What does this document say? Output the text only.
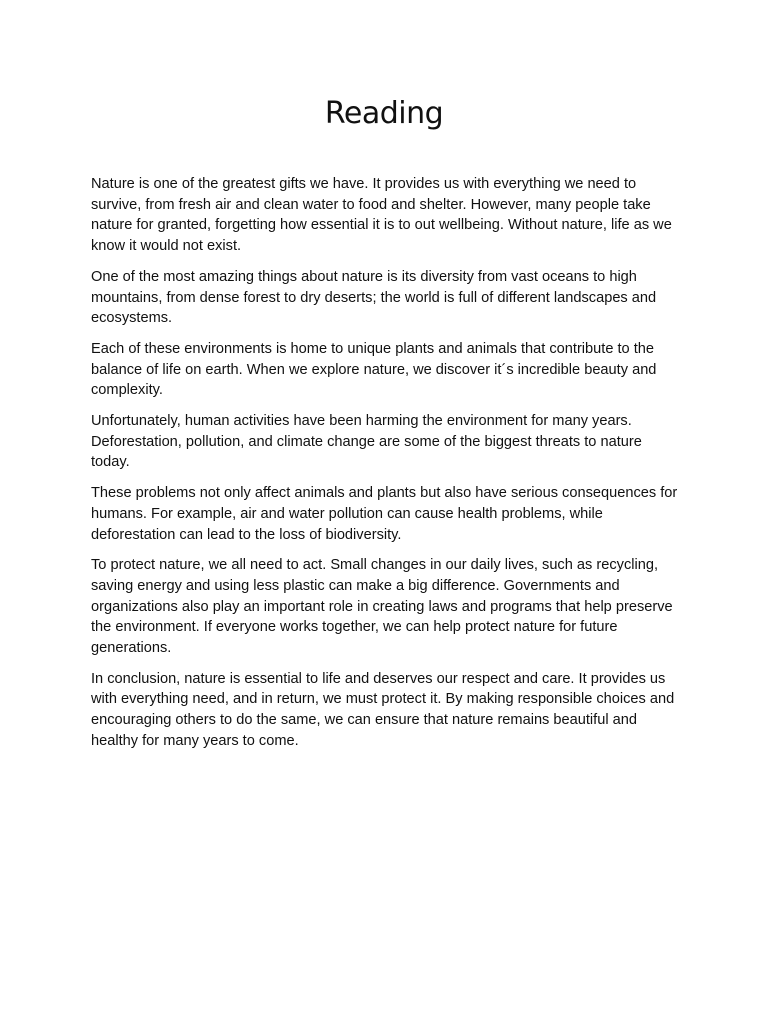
Reading

Nature is one of the greatest gifts we have. It provides us with everything we need to survive, from fresh air and clean water to food and shelter. However, many people take nature for granted, forgetting how essential it is to out wellbeing. Without nature, life as we know it would not exist.

One of the most amazing things about nature is its diversity from vast oceans to high mountains, from dense forest to dry deserts; the world is full of different landscapes and ecosystems.

Each of these environments is home to unique plants and animals that contribute to the balance of life on earth. When we explore nature, we discover it´s incredible beauty and complexity.

Unfortunately, human activities have been harming the environment for many years. Deforestation, pollution, and climate change are some of the biggest threats to nature today.

These problems not only affect animals and plants but also have serious consequences for humans. For example, air and water pollution can cause health problems, while deforestation can lead to the loss of biodiversity.

To protect nature, we all need to act. Small changes in our daily lives, such as recycling, saving energy and using less plastic can make a big difference. Governments and organizations also play an important role in creating laws and programs that help preserve the environment. If everyone works together, we can help protect nature for future generations.

In conclusion, nature is essential to life and deserves our respect and care. It provides us with everything need, and in return, we must protect it. By making responsible choices and encouraging others to do the same, we can ensure that nature remains beautiful and healthy for many years to come.
